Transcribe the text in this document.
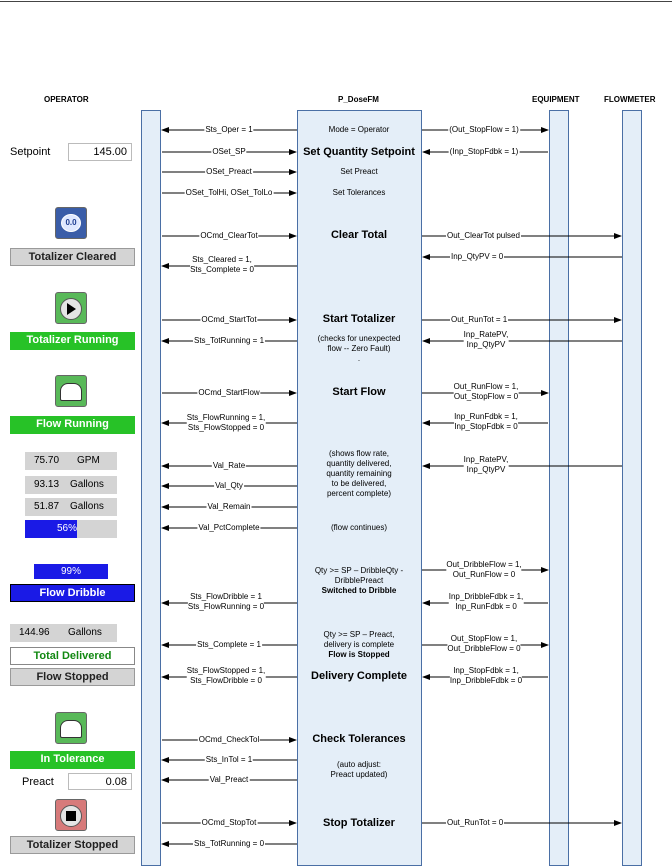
OPERATOR	P_DoseFM	EQUIPMENT	FLOWMETER
Sts_Oper = 1
OSet_SP
OSet_Preact
OSet_TolHi, OSet_TolLo
OCmd_ClearTot
Sts_Cleared = 1,
Sts_Complete = 0
OCmd_StartTot
Sts_TotRunning = 1
OCmd_StartFlow
Sts_FlowRunning = 1,
Sts_FlowStopped = 0
Val_Rate
Val_Qty
Val_Remain
Val_PctComplete
Sts_FlowDribble = 1
Sts_FlowRunning = 0
Sts_Complete = 1
Sts_FlowStopped = 1,
Sts_FlowDribble = 0
OCmd_CheckTol
Sts_InTol = 1
Val_Preact
OCmd_StopTot
Sts_TotRunning = 0
(Out_StopFlow = 1)
(Inp_StopFdbk = 1)
Out_ClearTot pulsed
Inp_QtyPV = 0
Out_RunTot = 1
Inp_RatePV,
Inp_QtyPV
Out_RunFlow = 1,
Out_StopFlow = 0
Inp_RunFdbk = 1,
Inp_StopFdbk = 0
Inp_RatePV,
Inp_QtyPV
Out_DribbleFlow = 1,
Out_RunFlow = 0
Inp_DribbleFdbk = 1,
Inp_RunFdbk = 0
Out_StopFlow = 1,
Out_DribbleFlow = 0
Inp_StopFdbk = 1,
Inp_DribbleFdbk = 0
Out_RunTot = 0
Mode = Operator
Set Quantity Setpoint
Set Preact
Set Tolerances
Clear Total
Start Totalizer
(checks for unexpected
flow -- Zero Fault)
.
Start Flow
(shows flow rate,
quantity delivered,
quantity remaining
to be delivered,
percent complete)
(flow continues)
Qty >= SP – DribbleQty -
DribblePreact
Switched to Dribble
Qty >= SP – Preact,
delivery is complete
Flow is Stopped
Delivery Complete
Check Tolerances
(auto adjust:
Preact updated)
Stop Totalizer
Setpoint	145.00
0.0
Totalizer Cleared
Totalizer Running
Flow Running
75.70 GPM
93.13 Gallons
51.87 Gallons
56%
99%
Flow Dribble
144.96 Gallons
Total Delivered
Flow Stopped
In Tolerance
Preact	0.08
Totalizer Stopped
